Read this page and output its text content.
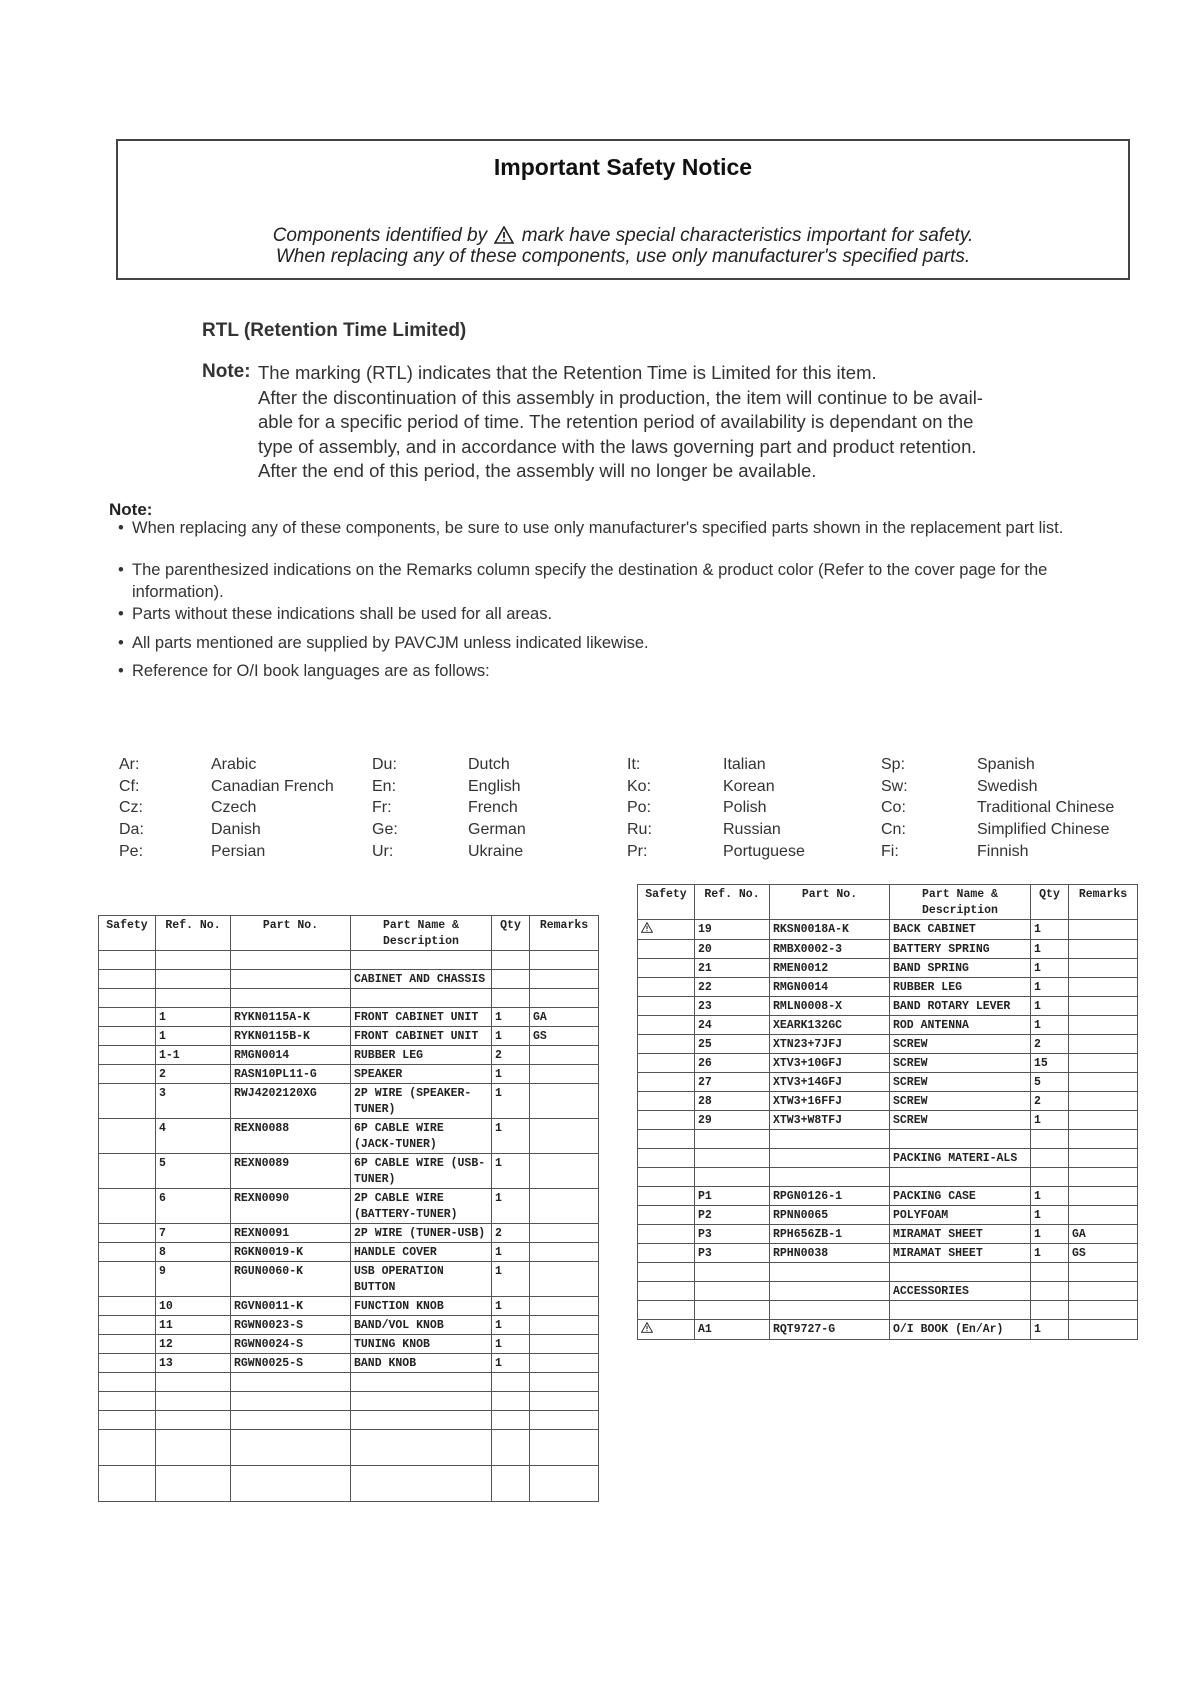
Important Safety Notice
Components identified by mark have special characteristics important for safety.
When replacing any of these components, use only manufacturer's specified parts.
RTL (Retention Time Limited)
Note: The marking (RTL) indicates that the Retention Time is Limited for this item.
After the discontinuation of this assembly in production, the item will continue to be avail-
able for a specific period of time. The retention period of availability is dependant on the
type of assembly, and in accordance with the laws governing part and product retention.
After the end of this period, the assembly will no longer be available.
Note:
• When replacing any of these components, be sure to use only manufacturer's specified parts shown in the replacement part list.
• The parenthesized indications on the Remarks column specify the destination & product color (Refer to the cover page for the information).
• Parts without these indications shall be used for all areas.
• All parts mentioned are supplied by PAVCJM unless indicated likewise.
• Reference for O/I book languages are as follows:
Ar:	Arabic	Du:	Dutch	It:	Italian	Sp:	Spanish
Cf:	Canadian French En:	English	Ko:	Korean	Sw:	Swedish
Cz:	Czech	Fr:	French	Po:	Polish	Co:	Traditional Chinese
Da:	Danish	Ge:	German	Ru:	Russian	Cn:	Simplified Chinese
Pe:	Persian	Ur:	Ukraine	Pr:	Portuguese	Fi:	Finnish
Safety	Ref. No.	Part No.	Part Name & Description	Qty	Remarks

			CABINET AND CHASSIS		

	1	RYKN0115A-K	FRONT CABINET UNIT	1	GA
	1	RYKN0115B-K	FRONT CABINET UNIT	1	GS
	1-1	RMGN0014	RUBBER LEG	2	
	2	RASN10PL11-G	SPEAKER	1	
	3	RWJ4202120XG	2P WIRE (SPEAKER-TUNER)	1	
	4	REXN0088	6P CABLE WIRE (JACK-TUNER)	1	
	5	REXN0089	6P CABLE WIRE (USB-TUNER)	1	
	6	REXN0090	2P CABLE WIRE (BATTERY-TUNER)	1	
	7	REXN0091	2P WIRE (TUNER-USB)	2	
	8	RGKN0019-K	HANDLE COVER	1	
	9	RGUN0060-K	USB OPERATION BUTTON	1	
	10	RGVN0011-K	FUNCTION KNOB	1	
	11	RGWN0023-S	BAND/VOL KNOB	1	
	12	RGWN0024-S	TUNING KNOB	1	
	13	RGWN0025-S	BAND KNOB	1	

Safety	Ref. No.	Part No.	Part Name & Description	Qty	Remarks
	19	RKSN0018A-K	BACK CABINET	1	
	20	RMBX0002-3	BATTERY SPRING	1	
	21	RMEN0012	BAND SPRING	1	
	22	RMGN0014	RUBBER LEG	1	
	23	RMLN0008-X	BAND ROTARY LEVER	1	
	24	XEARK132GC	ROD ANTENNA	1	
	25	XTN23+7JFJ	SCREW	2	
	26	XTV3+10GFJ	SCREW	15	
	27	XTV3+14GFJ	SCREW	5	
	28	XTW3+16FFJ	SCREW	2	
	29	XTW3+W8TFJ	SCREW	1	

			PACKING MATERI-ALS		

	P1	RPGN0126-1	PACKING CASE	1	
	P2	RPNN0065	POLYFOAM	1	
	P3	RPH656ZB-1	MIRAMAT SHEET	1	GA
	P3	RPHN0038	MIRAMAT SHEET	1	GS

			ACCESSORIES		

	A1	RQT9727-G	O/I BOOK (En/Ar)	1	
